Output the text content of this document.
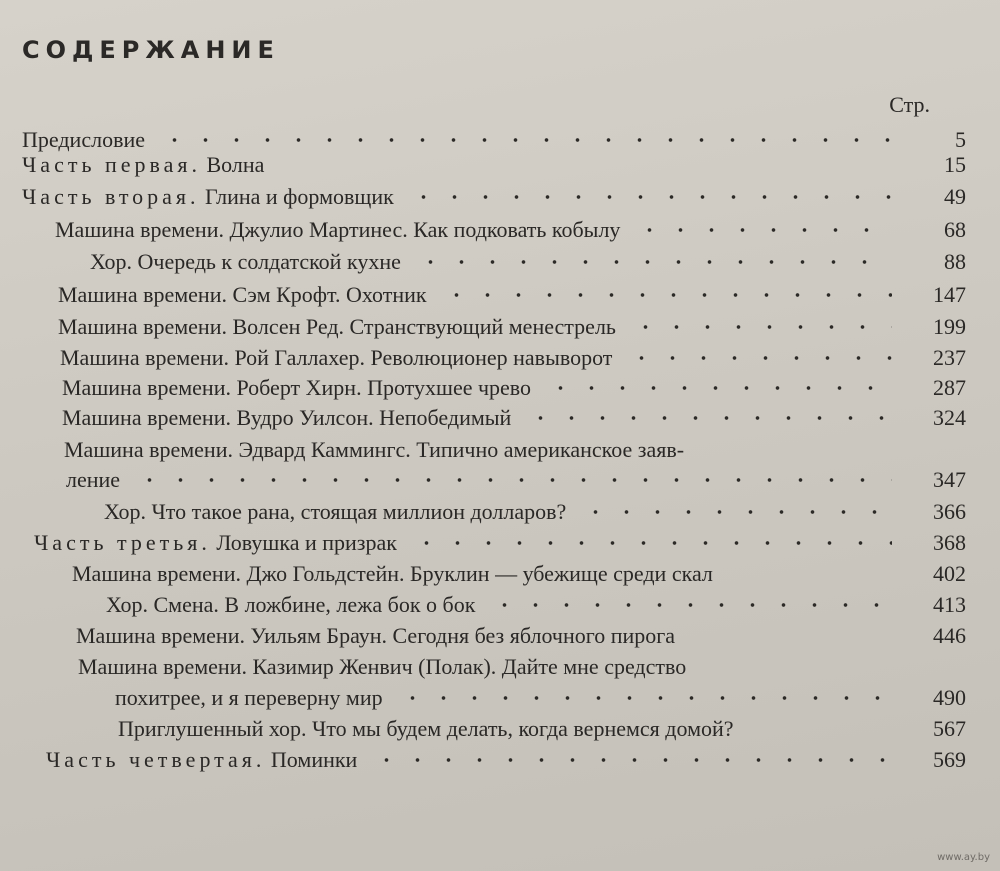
СОДЕРЖАНИЕ
Стр.
Предисловие	5
Часть первая. Волна	15
Часть вторая. Глина и формовщик	49
Машина времени. Джулио Мартинес. Как подковать кобылу	68
Хор. Очередь к солдатской кухне	88
Машина времени. Сэм Крофт. Охотник	147
Машина времени. Волсен Ред. Странствующий менестрель	199
Машина времени. Рой Галлахер. Революционер навыворот	237
Машина времени. Роберт Хирн. Протухшее чрево	287
Машина времени. Вудро Уилсон. Непобедимый	324
Машина времени. Эдвард Каммингс. Типично американское заяв-
ление	347
Хор. Что такое рана, стоящая миллион долларов?	366
Часть третья. Ловушка и призрак	368
Машина времени. Джо Гольдстейн. Бруклин — убежище среди скал	402
Хор. Смена. В ложбине, лежа бок о бок	413
Машина времени. Уильям Браун. Сегодня без яблочного пирога	446
Машина времени. Казимир Женвич (Полак). Дайте мне средство
похитрее, и я переверну мир	490
Приглушенный хор. Что мы будем делать, когда вернемся домой?	567
Часть четвертая. Поминки	569
www.ay.by
